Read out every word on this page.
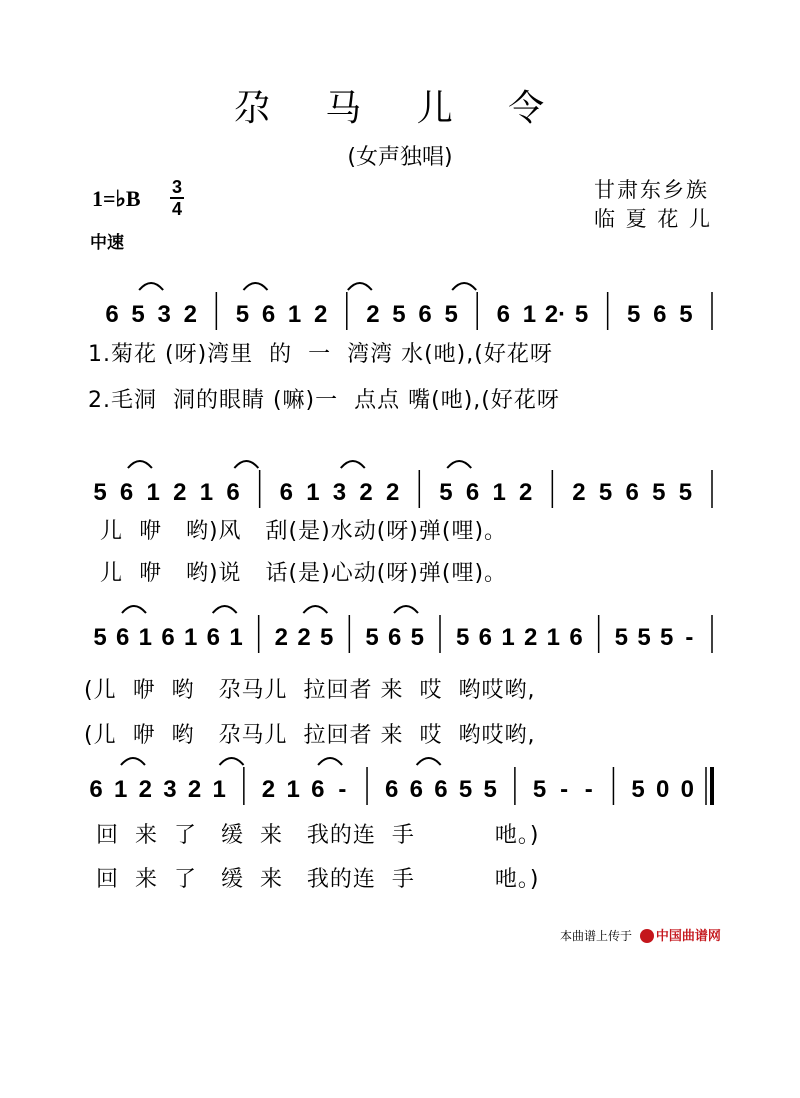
尕 马 儿 令
(女声独唱)
1=♭B 3
4
中速
甘肃东乡族
临 夏 花 儿
6 5 3 2 5 6 1 2 2 5 6 5 6 1 2· 5 5 6 5
5 6 1 2 1 6 6 1 3 2 2 5 6 1 2 2 5 6 5 5
5 6 1 6 1 6 1 2 2 5 5 6 5 5 6 1 2 1 6 5 5 5 -
6 1 2 3 2 1 2 1 6 - 6 6 6 5 5 5 - - 5 0 0
1.菊花 (呀)湾里  的  一  湾湾 水(吔),(好花呀
2.毛洞  洞的眼睛 (嘛)一  点点 嘴(吔),(好花呀
儿  咿   哟)风   刮(是)水动(呀)弹(哩)。
儿  咿   哟)说   话(是)心动(呀)弹(哩)。
(儿  咿  哟   尕马儿  拉回者 来  哎  哟哎哟,
(儿  咿  哟   尕马儿  拉回者 来  哎  哟哎哟,
回  来  了   缓  来   我的连  手          吔。)
回  来  了   缓  来   我的连  手          吔。)
本曲谱上传于 中国曲谱网
